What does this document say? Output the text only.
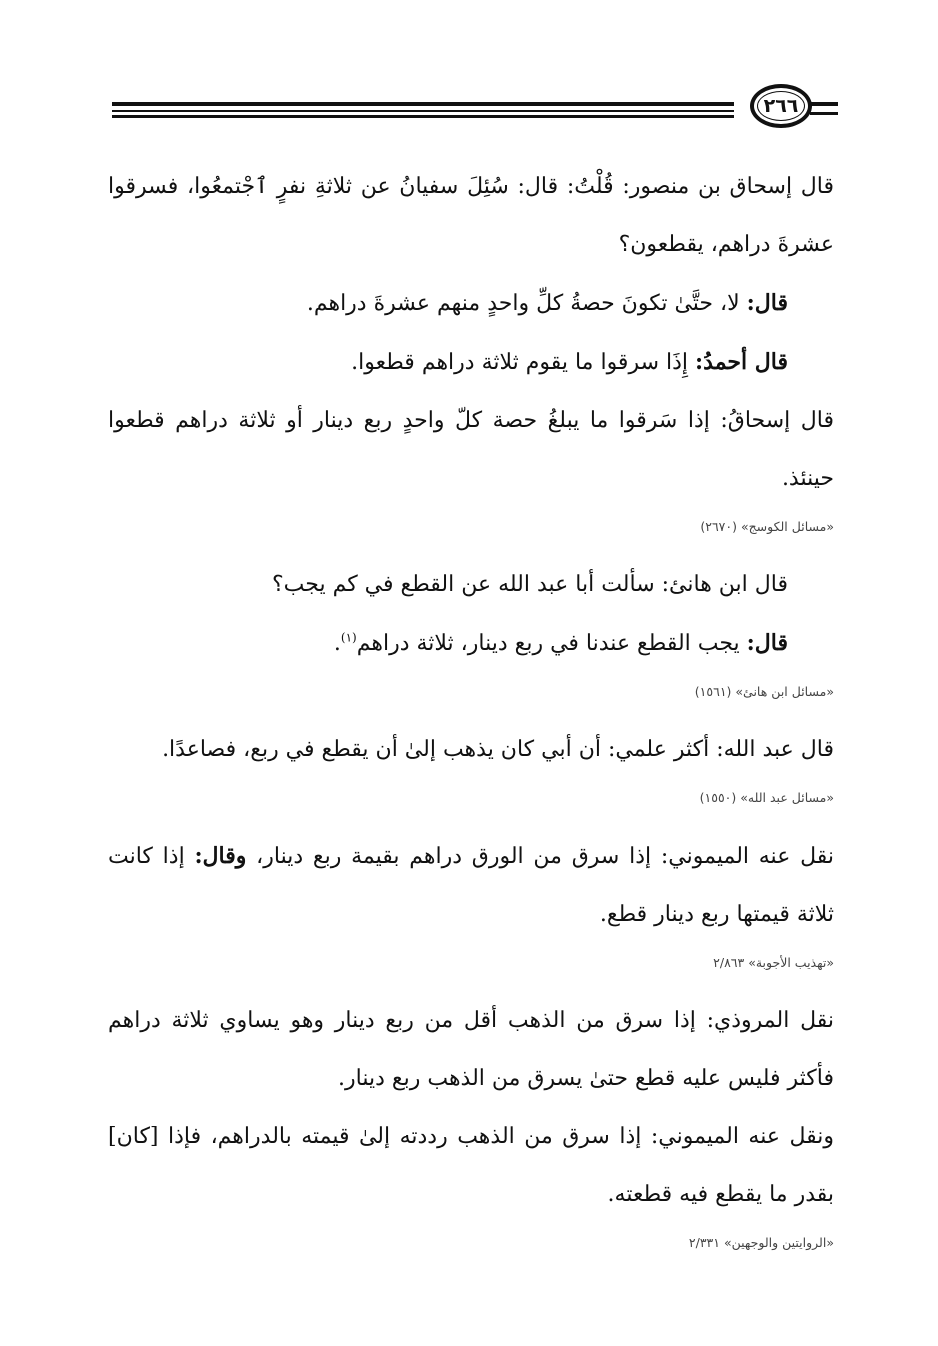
٢٦٦

قال إسحاق بن منصور: قُلْتُ: قال: سُئِلَ سفيانُ عن ثلاثةِ نفرٍ ٱجْتمعُوا، فسرقوا عشرةَ دراهم، يقطعون؟

قال: لا، حتَّىٰ تكونَ حصةُ كلِّ واحدٍ منهم عشرةَ دراهم.

قال أحمدُ: إِذَا سرقوا ما يقوم ثلاثة دراهم قطعوا.

قال إسحاقُ: إذا سَرقوا ما يبلغُ حصة كلّ واحدٍ ربع دينار أو ثلاثة دراهم قطعوا حينئذ.

«مسائل الكوسج» (٢٦٧٠)

قال ابن هانئ: سألت أبا عبد الله عن القطع في كم يجب؟

قال: يجب القطع عندنا في ربع دينار، ثلاثة دراهم$^{(١)}$.

«مسائل ابن هانئ» (١٥٦١)

قال عبد الله: أكثر علمي: أن أبي كان يذهب إلىٰ أن يقطع في ربع، فصاعدًا.

«مسائل عبد الله» (١٥٥٠)

نقل عنه الميموني: إذا سرق من الورق دراهم بقيمة ربع دينار، وقال: إذا كانت ثلاثة قيمتها ربع دينار قطع.

«تهذيب الأجوبة» ٢/٨٦٣

نقل المروذي: إذا سرق من الذهب أقل من ربع دينار وهو يساوي ثلاثة دراهم فأكثر فليس عليه قطع حتىٰ يسرق من الذهب ربع دينار.

ونقل عنه الميموني: إذا سرق من الذهب رددته إلىٰ قيمته بالدراهم، فإذا [كان] بقدر ما يقطع فيه قطعته.

«الروايتين والوجهين» ٢/٣٣١
